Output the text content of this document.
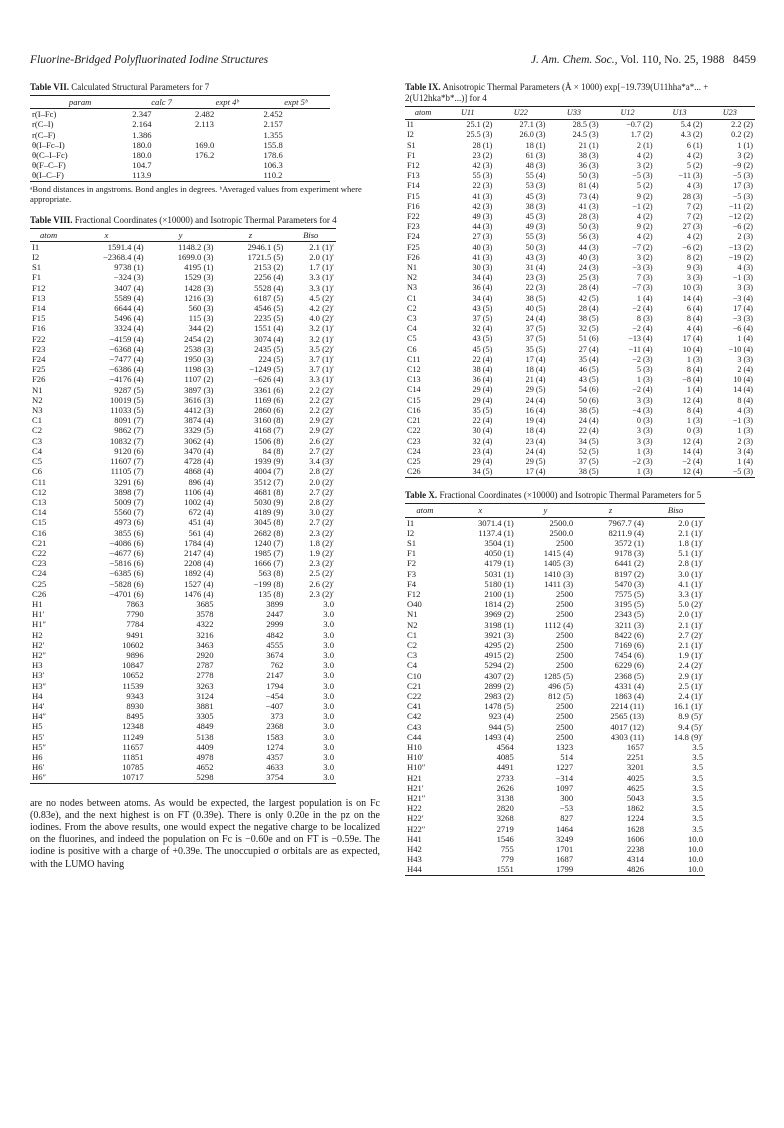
Fluorine-Bridged Polyfluorinated Iodine Structures	J. Am. Chem. Soc., Vol. 110, No. 25, 1988 8459
Table VII. Calculated Structural Parameters for 7
param	calc 7	expt 4ᵇ	expt 5ᵇ
r(I–Fc)	2.347	2.482	2.452
r(C–I)	2.164	2.113	2.157
r(C–F)	1.386		1.355
θ(I–Fc–I)	180.0	169.0	155.8
θ(C–I–Fc)	180.0	176.2	178.6
θ(F–C–F)	104.7		106.3
θ(I–C–F)	113.9		110.2
ᵃBond distances in angstroms. Bond angles in degrees. ᵇAveraged values from experiment where appropriate.
Table VIII. Fractional Coordinates (×10000) and Isotropic Thermal Parameters for 4
atom	x	y	z	Biso
I1	1591.4 (4)	1148.2 (3)	2946.1 (5)	2.1 (1)′
I2	−2368.4 (4)	1699.0 (3)	1721.5 (5)	2.0 (1)′
S1	9738 (1)	4195 (1)	2153 (2)	1.7 (1)′
F1	−324 (3)	1529 (3)	2256 (4)	3.3 (1)′
F12	3407 (4)	1428 (3)	5528 (4)	3.3 (1)′
F13	5589 (4)	1216 (3)	6187 (5)	4.5 (2)′
F14	6644 (4)	560 (3)	4546 (5)	4.2 (2)′
F15	5496 (4)	115 (3)	2235 (5)	4.0 (2)′
F16	3324 (4)	344 (2)	1551 (4)	3.2 (1)′
F22	−4159 (4)	2454 (2)	3074 (4)	3.2 (1)′
F23	−6368 (4)	2538 (3)	2435 (5)	3.5 (2)′
F24	−7477 (4)	1950 (3)	224 (5)	3.7 (1)′
F25	−6386 (4)	1198 (3)	−1249 (5)	3.7 (1)′
F26	−4176 (4)	1107 (2)	−626 (4)	3.3 (1)′
N1	9287 (5)	3897 (3)	3361 (6)	2.2 (2)′
N2	10019 (5)	3616 (3)	1169 (6)	2.2 (2)′
N3	11033 (5)	4412 (3)	2860 (6)	2.2 (2)′
C1	8091 (7)	3874 (4)	3160 (8)	2.9 (2)′
C2	9862 (7)	3329 (5)	4168 (7)	2.9 (2)′
C3	10832 (7)	3062 (4)	1506 (8)	2.6 (2)′
C4	9120 (6)	3470 (4)	84 (8)	2.7 (2)′
C5	11607 (7)	4728 (4)	1939 (9)	3.4 (3)′
C6	11105 (7)	4868 (4)	4004 (7)	2.8 (2)′
C11	3291 (6)	896 (4)	3512 (7)	2.0 (2)′
C12	3898 (7)	1106 (4)	4681 (8)	2.7 (2)′
C13	5009 (7)	1002 (4)	5030 (9)	2.8 (2)′
C14	5560 (7)	672 (4)	4189 (9)	3.0 (2)′
C15	4973 (6)	451 (4)	3045 (8)	2.7 (2)′
C16	3855 (6)	561 (4)	2682 (8)	2.3 (2)′
C21	−4086 (6)	1784 (4)	1240 (7)	1.8 (2)′
C22	−4677 (6)	2147 (4)	1985 (7)	1.9 (2)′
C23	−5816 (6)	2208 (4)	1666 (7)	2.3 (2)′
C24	−6385 (6)	1892 (4)	563 (8)	2.5 (2)′
C25	−5828 (6)	1527 (4)	−199 (8)	2.6 (2)′
C26	−4701 (6)	1476 (4)	135 (8)	2.3 (2)′
H1	7863	3685	3899	3.0
H1′	7790	3578	2447	3.0
H1″	7784	4322	2999	3.0
H2	9491	3216	4842	3.0
H2′	10602	3463	4555	3.0
H2″	9896	2920	3674	3.0
H3	10847	2787	762	3.0
H3′	10652	2778	2147	3.0
H3″	11539	3263	1794	3.0
H4	9343	3124	−454	3.0
H4′	8930	3881	−407	3.0
H4″	8495	3305	373	3.0
H5	12348	4849	2368	3.0
H5′	11249	5138	1583	3.0
H5″	11657	4409	1274	3.0
H6	11851	4978	4357	3.0
H6′	10785	4652	4633	3.0
H6″	10717	5298	3754	3.0
are no nodes between atoms. As would be expected, the largest population is on Fc (0.83e), and the next highest is on FT (0.39e). There is only 0.20e in the pz on the iodines. From the above results, one would expect the negative charge to be localized on the fluorines, and indeed the population on Fc is −0.60e and on FT is −0.59e. The iodine is positive with a charge of +0.39e. The unoccupied σ orbitals are as expected, with the LUMO having
Table IX. Anisotropic Thermal Parameters (Å × 1000) exp[−19.739(U11hha*a*... + 2(U12hka*b*...)] for 4
atom	U11	U22	U33	U12	U13	U23
I1	25.1 (2)	27.1 (3)	28.5 (3)	−0.7 (2)	5.4 (2)	2.2 (2)
I2	25.5 (3)	26.0 (3)	24.5 (3)	1.7 (2)	4.3 (2)	0.2 (2)
S1	28 (1)	18 (1)	21 (1)	2 (1)	6 (1)	1 (1)
F1	23 (2)	61 (3)	38 (3)	4 (2)	4 (2)	3 (2)
F12	42 (3)	48 (3)	36 (3)	3 (2)	5 (2)	−9 (2)
F13	55 (3)	55 (4)	50 (3)	−5 (3)	−11 (3)	−5 (3)
F14	22 (3)	53 (3)	81 (4)	5 (2)	4 (3)	17 (3)
F15	41 (3)	45 (3)	73 (4)	9 (2)	28 (3)	−5 (3)
F16	42 (3)	38 (3)	41 (3)	−1 (2)	7 (2)	−11 (2)
F22	49 (3)	45 (3)	28 (3)	4 (2)	7 (2)	−12 (2)
F23	44 (3)	49 (3)	50 (3)	9 (2)	27 (3)	−6 (2)
F24	27 (3)	55 (3)	56 (3)	4 (2)	4 (2)	2 (3)
F25	40 (3)	50 (3)	44 (3)	−7 (2)	−6 (2)	−13 (2)
F26	41 (3)	43 (3)	40 (3)	3 (2)	8 (2)	−19 (2)
N1	30 (3)	31 (4)	24 (3)	−3 (3)	9 (3)	4 (3)
N2	34 (4)	23 (3)	25 (3)	7 (3)	3 (3)	−1 (3)
N3	36 (4)	22 (3)	28 (4)	−7 (3)	10 (3)	3 (3)
C1	34 (4)	38 (5)	42 (5)	1 (4)	14 (4)	−3 (4)
C2	43 (5)	40 (5)	28 (4)	−2 (4)	6 (4)	17 (4)
C3	37 (5)	24 (4)	38 (5)	8 (3)	8 (4)	−3 (3)
C4	32 (4)	37 (5)	32 (5)	−2 (4)	4 (4)	−6 (4)
C5	43 (5)	37 (5)	51 (6)	−13 (4)	17 (4)	1 (4)
C6	45 (5)	35 (5)	27 (4)	−11 (4)	10 (4)	−10 (4)
C11	22 (4)	17 (4)	35 (4)	−2 (3)	1 (3)	3 (3)
C12	38 (4)	18 (4)	46 (5)	5 (3)	8 (4)	2 (4)
C13	36 (4)	21 (4)	43 (5)	1 (3)	−8 (4)	10 (4)
C14	29 (4)	29 (5)	54 (6)	−2 (4)	1 (4)	14 (4)
C15	29 (4)	24 (4)	50 (6)	3 (3)	12 (4)	8 (4)
C16	35 (5)	16 (4)	38 (5)	−4 (3)	8 (4)	4 (3)
C21	22 (4)	19 (4)	24 (4)	0 (3)	1 (3)	−1 (3)
C22	30 (4)	18 (4)	22 (4)	3 (3)	0 (3)	1 (3)
C23	32 (4)	23 (4)	34 (5)	3 (3)	12 (4)	2 (3)
C24	23 (4)	24 (4)	52 (5)	1 (3)	14 (4)	3 (4)
C25	29 (4)	29 (5)	37 (5)	−2 (3)	−2 (4)	1 (4)
C26	34 (5)	17 (4)	38 (5)	1 (3)	12 (4)	−5 (3)
Table X. Fractional Coordinates (×10000) and Isotropic Thermal Parameters for 5
atom	x	y	z	Biso
I1	3071.4 (1)	2500.0	7967.7 (4)	2.0 (1)′
I2	1137.4 (1)	2500.0	8211.9 (4)	2.1 (1)′
S1	3504 (1)	2500	3572 (1)	1.8 (1)′
F1	4050 (1)	1415 (4)	9178 (3)	5.1 (1)′
F2	4179 (1)	1405 (3)	6441 (2)	2.8 (1)′
F3	5031 (1)	1410 (3)	8197 (2)	3.0 (1)′
F4	5180 (1)	1411 (3)	5470 (3)	4.1 (1)′
F12	2100 (1)	2500	7575 (5)	3.3 (1)′
O40	1814 (2)	2500	3195 (5)	5.0 (2)′
N1	3969 (2)	2500	2343 (5)	2.0 (1)′
N2	3198 (1)	1112 (4)	3211 (3)	2.1 (1)′
C1	3921 (3)	2500	8422 (6)	2.7 (2)′
C2	4295 (2)	2500	7169 (6)	2.1 (1)′
C3	4915 (2)	2500	7454 (6)	1.9 (1)′
C4	5294 (2)	2500	6229 (6)	2.4 (2)′
C10	4307 (2)	1285 (5)	2368 (5)	2.9 (1)′
C21	2899 (2)	496 (5)	4331 (4)	2.5 (1)′
C22	2983 (2)	812 (5)	1863 (4)	2.4 (1)′
C41	1478 (5)	2500	2214 (11)	16.1 (1)′
C42	923 (4)	2500	2565 (13)	8.9 (5)′
C43	944 (5)	2500	4017 (12)	9.4 (5)′
C44	1493 (4)	2500	4303 (11)	14.8 (9)′
H10	4564	1323	1657	3.5
H10′	4085	514	2251	3.5
H10″	4491	1227	3201	3.5
H21	2733	−314	4025	3.5
H21′	2626	1097	4625	3.5
H21″	3138	300	5043	3.5
H22	2820	−53	1862	3.5
H22′	3268	827	1224	3.5
H22″	2719	1464	1628	3.5
H41	1546	3249	1606	10.0
H42	755	1701	2238	10.0
H43	779	1687	4314	10.0
H44	1551	1799	4826	10.0
